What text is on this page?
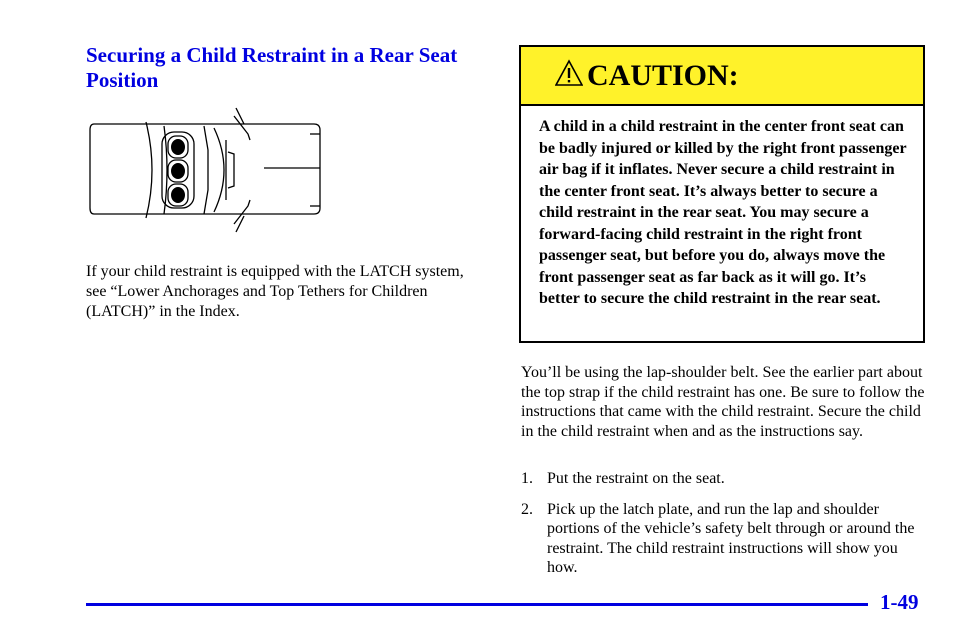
Securing a Child Restraint in a Rear Seat Position

If your child restraint is equipped with the LATCH system, see “Lower Anchorages and Top Tethers for Children (LATCH)” in the Index.

CAUTION:
A child in a child restraint in the center front seat can be badly injured or killed by the right front passenger air bag if it inflates. Never secure a child restraint in the center front seat. It’s always better to secure a child restraint in the rear seat. You may secure a forward‑facing child restraint in the right front passenger seat, but before you do, always move the front passenger seat as far back as it will go. It’s better to secure the child restraint in the rear seat.

You’ll be using the lap‑shoulder belt. See the earlier part about the top strap if the child restraint has one. Be sure to follow the instructions that came with the child restraint. Secure the child in the child restraint when and as the instructions say.

1. Put the restraint on the seat.
2. Pick up the latch plate, and run the lap and shoulder portions of the vehicle’s safety belt through or around the restraint. The child restraint instructions will show you how.
1-49
